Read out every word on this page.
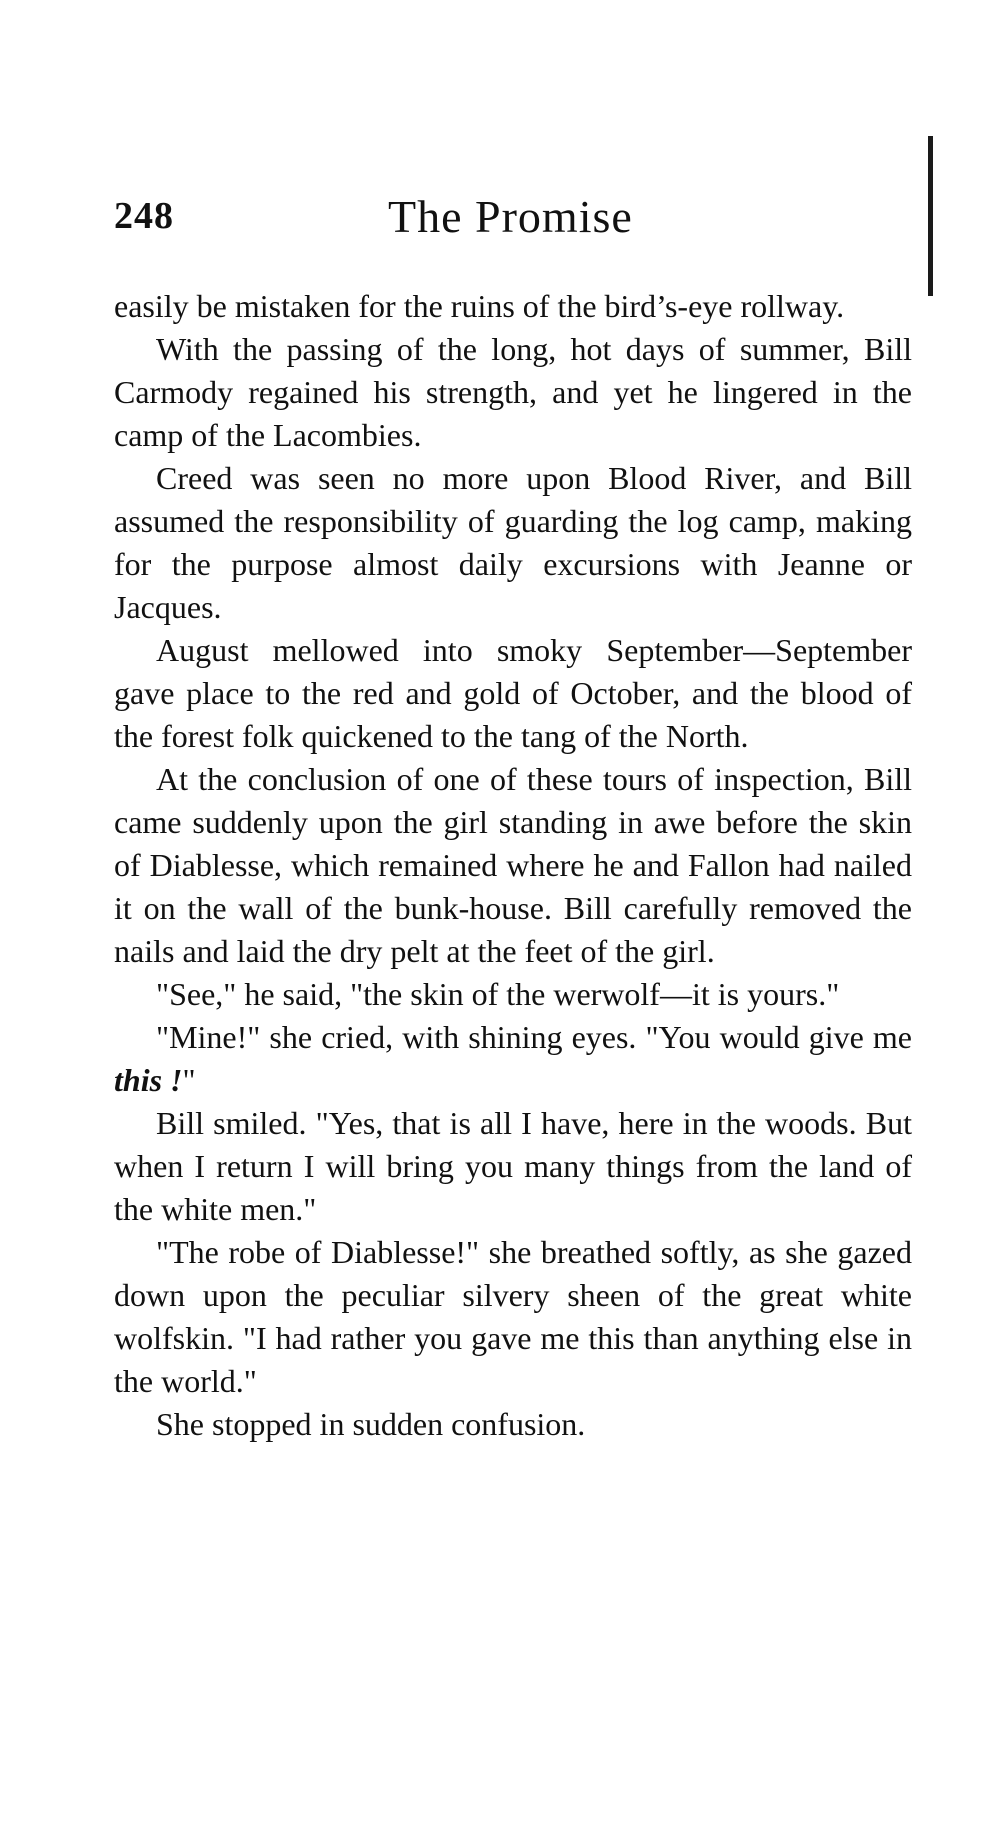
248	The Promise

easily be mistaken for the ruins of the bird’s-eye rollway.

With the passing of the long, hot days of summer, Bill Carmody regained his strength, and yet he lingered in the camp of the Lacombies.

Creed was seen no more upon Blood River, and Bill assumed the responsibility of guarding the log camp, making for the purpose almost daily excursions with Jeanne or Jacques.

August mellowed into smoky September—September gave place to the red and gold of October, and the blood of the forest folk quickened to the tang of the North.

At the conclusion of one of these tours of inspection, Bill came suddenly upon the girl standing in awe before the skin of Diablesse, which remained where he and Fallon had nailed it on the wall of the bunk-house. Bill carefully removed the nails and laid the dry pelt at the feet of the girl.

"See," he said, "the skin of the werwolf—it is yours."

"Mine!" she cried, with shining eyes. "You would give me this !"

Bill smiled. "Yes, that is all I have, here in the woods. But when I return I will bring you many things from the land of the white men."

"The robe of Diablesse!" she breathed softly, as she gazed down upon the peculiar silvery sheen of the great white wolfskin. "I had rather you gave me this than anything else in the world."

She stopped in sudden confusion.
